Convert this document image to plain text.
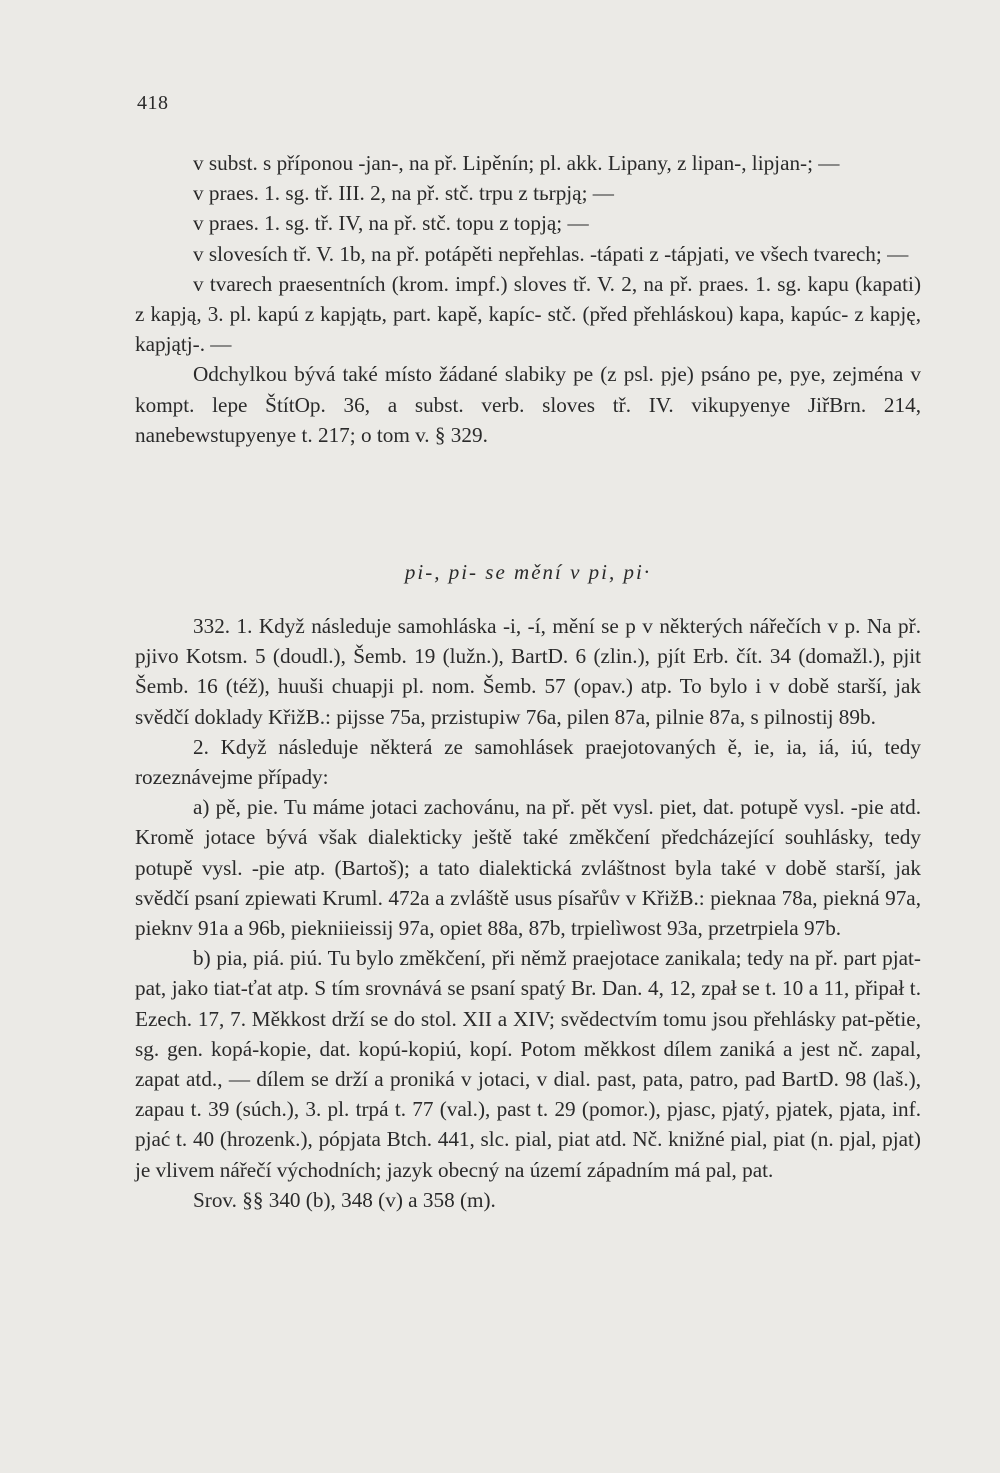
418

v subst. s příponou -jan-, na př. Lipěnín; pl. akk. Lipany, z lipan-, lipjan-; —

v praes. 1. sg. tř. III. 2, na př. stč. trpu z tьrpją; —

v praes. 1. sg. tř. IV, na př. stč. topu z topją; —

v slovesích tř. V. 1b, na př. potápěti nepřehlas. -tápati z -tápjati, ve všech tvarech; —

v tvarech praesentních (krom. impf.) sloves tř. V. 2, na př. praes. 1. sg. kapu (kapati) z kapją, 3. pl. kapú z kapjątь, part. kapě, kapíc- stč. (před přehláskou) kapa, kapúc- z kapję, kapjątj-. —

Odchylkou bývá také místo žádané slabiky pe (z psl. pje) psáno pe, pye, zejména v kompt. lepe ŠtítOp. 36, a subst. verb. sloves tř. IV. vikupyenye JiřBrn. 214, nanebewstupyenye t. 217; o tom v. § 329.

pi-, pi- se mění v pi, pi·

332. 1. Když následuje samohláska -i, -í, mění se p v některých nářečích v p. Na př. pjivo Kotsm. 5 (doudl.), Šemb. 19 (lužn.), BartD. 6 (zlin.), pjít Erb. čít. 34 (domažl.), pjit Šemb. 16 (též), huuši chuapji pl. nom. Šemb. 57 (opav.) atp. To bylo i v době starší, jak svědčí doklady KřižB.: pijsse 75a, przistupiw 76a, pilen 87a, pilnie 87a, s pilnostij 89b.

2. Když následuje některá ze samohlásek praejotovaných ě, ie, ia, iá, iú, tedy rozeznávejme případy:

a) pě, pie. Tu máme jotaci zachovánu, na př. pět vysl. piet, dat. potupě vysl. -pie atd. Kromě jotace bývá však dialekticky ještě také změkčení předcházející souhlásky, tedy potupě vysl. -pie atp. (Bartoš); a tato dialektická zvláštnost byla také v době starší, jak svědčí psaní zpiewati Kruml. 472a a zvláště usus písařův v KřižB.: pieknaa 78a, piekná 97a, pieknv 91a a 96b, piekniieissij 97a, opiet 88a, 87b, trpielìwost 93a, przetrpiela 97b.

b) pia, piá. piú. Tu bylo změkčení, při němž praejotace zanikala; tedy na př. part pjat-pat, jako tiat-ťat atp. S tím srovnává se psaní spatý Br. Dan. 4, 12, zpał se t. 10 a 11, připał t. Ezech. 17, 7. Měkkost drží se do stol. XII a XIV; svědectvím tomu jsou přehlásky pat-pětie, sg. gen. kopá-kopie, dat. kopú-kopiú, kopí. Potom měkkost dílem zaniká a jest nč. zapal, zapat atd., — dílem se drží a proniká v jotaci, v dial. past, pata, patro, pad BartD. 98 (laš.), zapau t. 39 (súch.), 3. pl. trpá t. 77 (val.), past t. 29 (pomor.), pjasc, pjatý, pjatek, pjata, inf. pjać t. 40 (hrozenk.), pópjata Btch. 441, slc. pial, piat atd. Nč. knižné pial, piat (n. pjal, pjat) je vlivem nářečí východních; jazyk obecný na území západním má pal, pat.

Srov. §§ 340 (b), 348 (v) a 358 (m).
